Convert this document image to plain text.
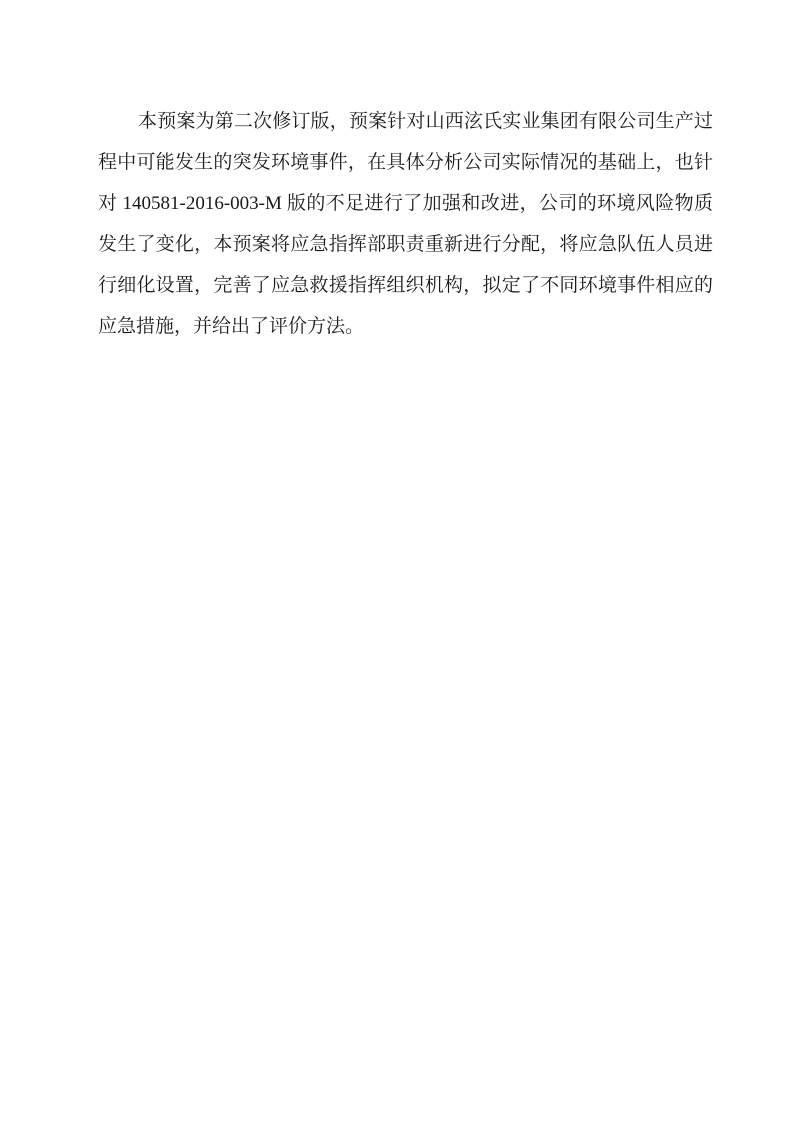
本预案为第二次修订版，预案针对山西泫氏实业集团有限公司生产过
程中可能发生的突发环境事件，在具体分析公司实际情况的基础上，也针
对 140581-2016-003-M 版的不足进行了加强和改进，公司的环境风险物质
发生了变化，本预案将应急指挥部职责重新进行分配，将应急队伍人员进
行细化设置，完善了应急救援指挥组织机构，拟定了不同环境事件相应的
应急措施，并给出了评价方法。
